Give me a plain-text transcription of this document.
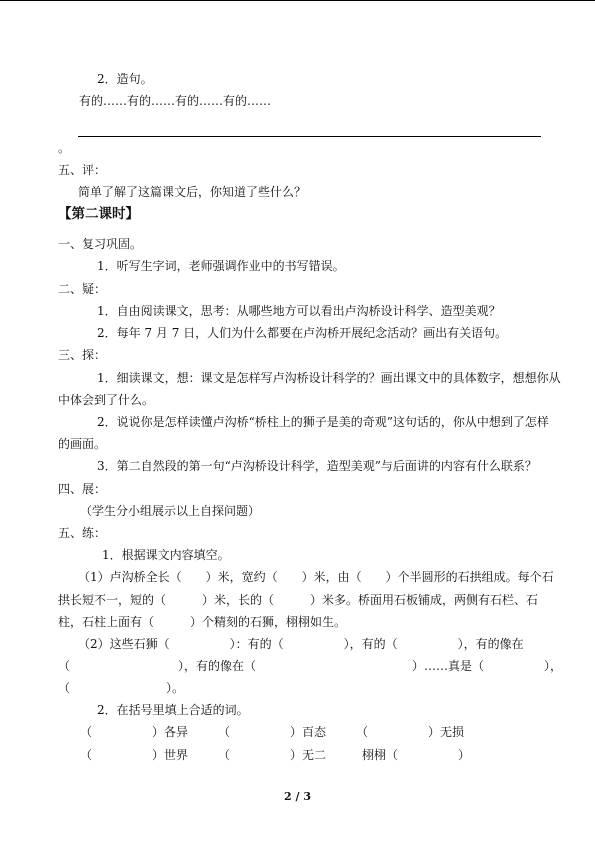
2．造句。
有的……有的……有的……有的……
。
五、评：
简单了解了这篇课文后，你知道了些什么？
【第二课时】
一、复习巩固。
1．听写生字词，老师强调作业中的书写错误。
二、疑：
1．自由阅读课文，思考：从哪些地方可以看出卢沟桥设计科学、造型美观？
2．每年 7 月 7 日，人们为什么都要在卢沟桥开展纪念活动？画出有关语句。
三、探：
1．细读课文，想：课文是怎样写卢沟桥设计科学的？画出课文中的具体数字，想想你从
中体会到了什么。
2．说说你是怎样读懂卢沟桥“桥柱上的狮子是美的奇观”这句话的，你从中想到了怎样
的画面。
3．第二自然段的第一句“卢沟桥设计科学，造型美观”与后面讲的内容有什么联系？
四、展：
（学生分小组展示以上自探问题）
五、练：
1．根据课文内容填空。
（1）卢沟桥全长（　　）米，宽约（　　）米，由（　　）个半圆形的石拱组成。每个石
拱长短不一，短的（　　　）米，长的（　　　）米多。桥面用石板铺成，两侧有石栏、石
柱，石柱上面有（　　　）个精刻的石狮，栩栩如生。
（2）这些石狮（　　　　　）：有的（　　　　　），有的（　　　　　），有的像在
（　　　　　　　　　），有的像在（　　　　　　　　　　　　　）……真是（　　　　　），
（　　　　　　　　）。
2．在括号里填上合适的词。
（　　　　　）各异　　　（　　　　　）百态　　　（　　　　　）无损
（　　　　　）世界　　　（　　　　　）无二　　　栩栩（　　　　　）
2 / 3
